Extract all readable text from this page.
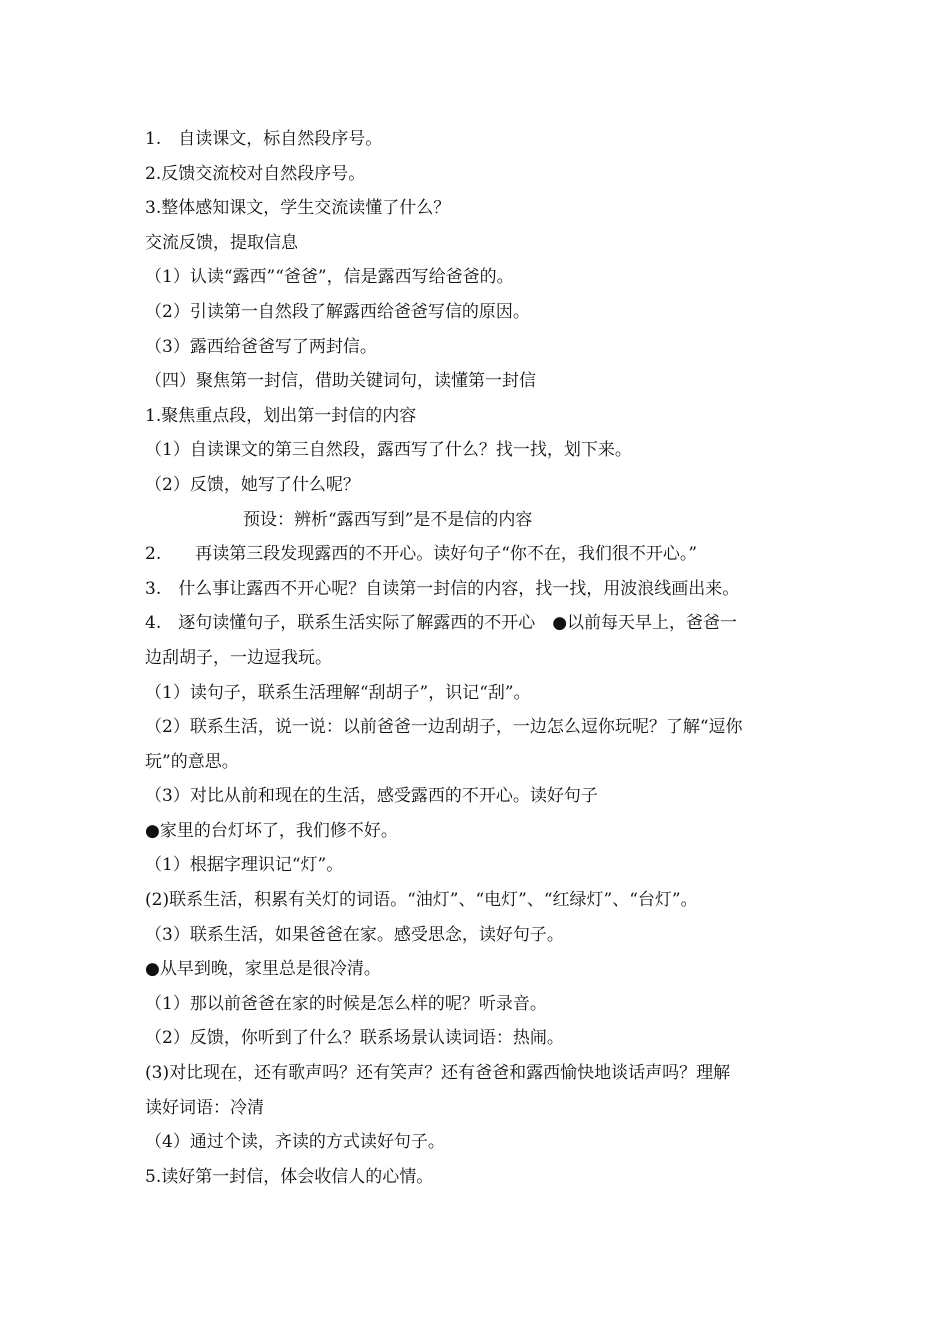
1.　自读课文，标自然段序号。
2.反馈交流校对自然段序号。
3.整体感知课文，学生交流读懂了什么？
交流反馈，提取信息
（1）认读“露西”“爸爸”，信是露西写给爸爸的。
（2）引读第一自然段了解露西给爸爸写信的原因。
（3）露西给爸爸写了两封信。
（四）聚焦第一封信，借助关键词句，读懂第一封信
1.聚焦重点段，划出第一封信的内容
（1）自读课文的第三自然段，露西写了什么？找一找，划下来。
（2）反馈，她写了什么呢？
预设：辨析“露西写到”是不是信的内容
2.　　再读第三段发现露西的不开心。读好句子“你不在，我们很不开心。”
3.　什么事让露西不开心呢？自读第一封信的内容，找一找，用波浪线画出来。
4.　逐句读懂句子，联系生活实际了解露西的不开心　●以前每天早上，爸爸一
边刮胡子，一边逗我玩。
（1）读句子，联系生活理解“刮胡子”，识记“刮”。
（2）联系生活，说一说：以前爸爸一边刮胡子，一边怎么逗你玩呢？了解“逗你
玩”的意思。
（3）对比从前和现在的生活，感受露西的不开心。读好句子
●家里的台灯坏了，我们修不好。
（1）根据字理识记“灯”。
(2)联系生活，积累有关灯的词语。“油灯”、“电灯”、“红绿灯”、“台灯”。
（3）联系生活，如果爸爸在家。感受思念，读好句子。
●从早到晚，家里总是很冷清。
（1）那以前爸爸在家的时候是怎么样的呢？听录音。
（2）反馈，你听到了什么？联系场景认读词语：热闹。
(3)对比现在，还有歌声吗？还有笑声？还有爸爸和露西愉快地谈话声吗？理解
读好词语：冷清
（4）通过个读，齐读的方式读好句子。
5.读好第一封信，体会收信人的心情。
